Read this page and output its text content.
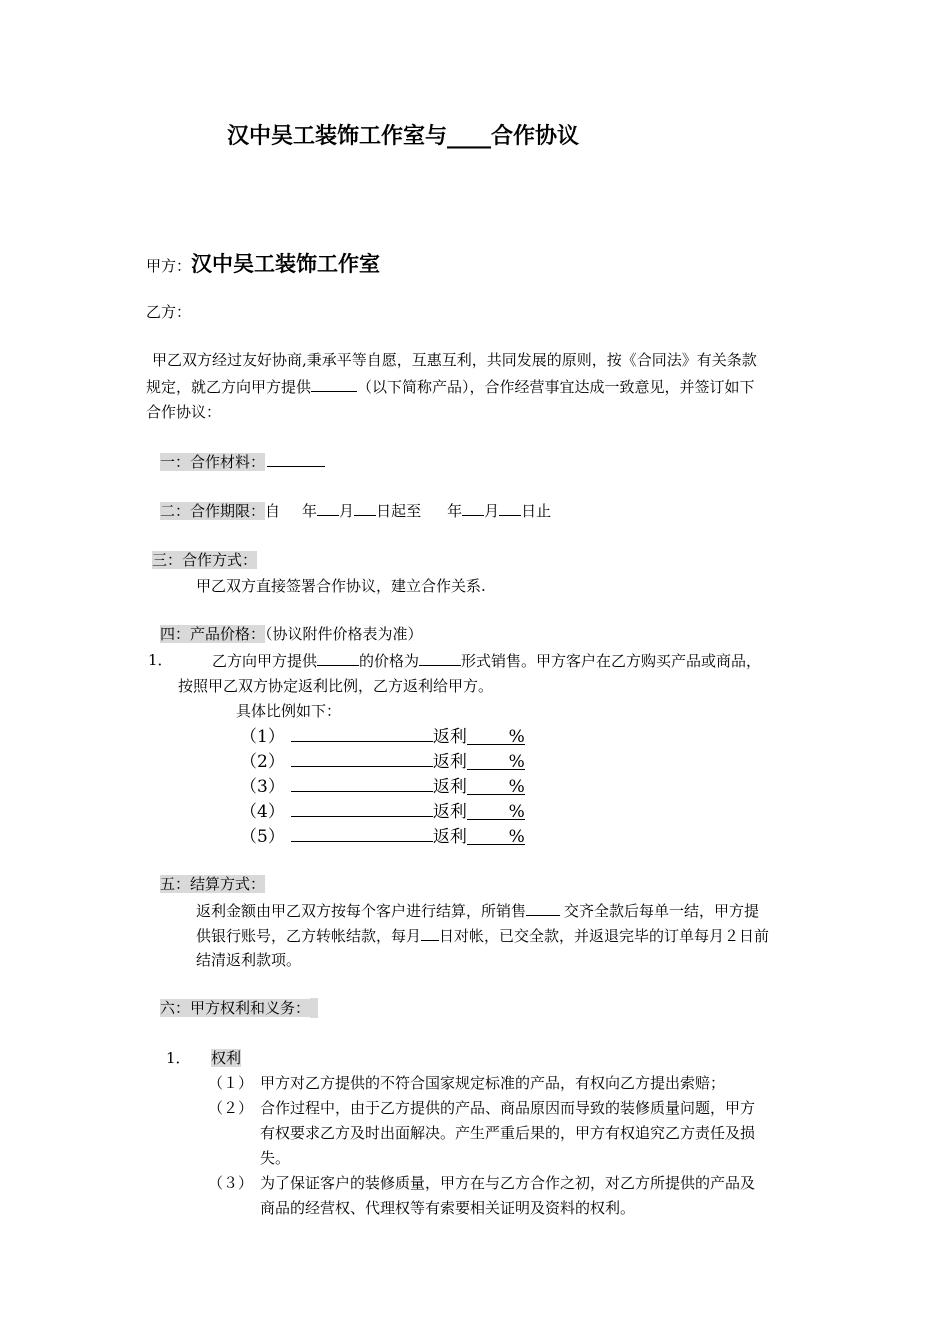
汉中吴工装饰工作室与____合作协议
甲方：汉中吴工装饰工作室
乙方：
甲乙双方经过友好协商,秉承平等自愿，互惠互利，共同发展的原则，按《合同法》有关条款
规定，就乙方向甲方提供	（以下简称产品），合作经营事宜达成一致意见，并签订如下
合作协议：
一：合作材料：
二：合作期限：自 年 月 日起至 年 月 日止
三：合作方式：
甲乙双方直接签署合作协议，建立合作关系.
四：产品价格：（协议附件价格表为准）
1．	乙方向甲方提供	的价格为	形式销售。甲方客户在乙方购买产品或商品，
按照甲乙双方协定返利比例，乙方返利给甲方。
具体比例如下：
（1）	返利 %
（2）	返利 %
（3）	返利 %
（4）	返利 %
（5）	返利 %
五：结算方式：
返利金额由甲乙双方按每个客户进行结算，所销售	交齐全款后每单一结，甲方提
供银行账号，乙方转帐结款，每月 日对帐，已交全款，并返退完毕的订单每月２日前
结清返利款项。
六：甲方权利和义务：
1． 权利
（１） 甲方对乙方提供的不符合国家规定标准的产品，有权向乙方提出索赔；
（２） 合作过程中，由于乙方提供的产品、商品原因而导致的装修质量问题，甲方
有权要求乙方及时出面解决。产生严重后果的，甲方有权追究乙方责任及损
失。
（３） 为了保证客户的装修质量，甲方在与乙方合作之初，对乙方所提供的产品及
商品的经营权、代理权等有索要相关证明及资料的权利。
